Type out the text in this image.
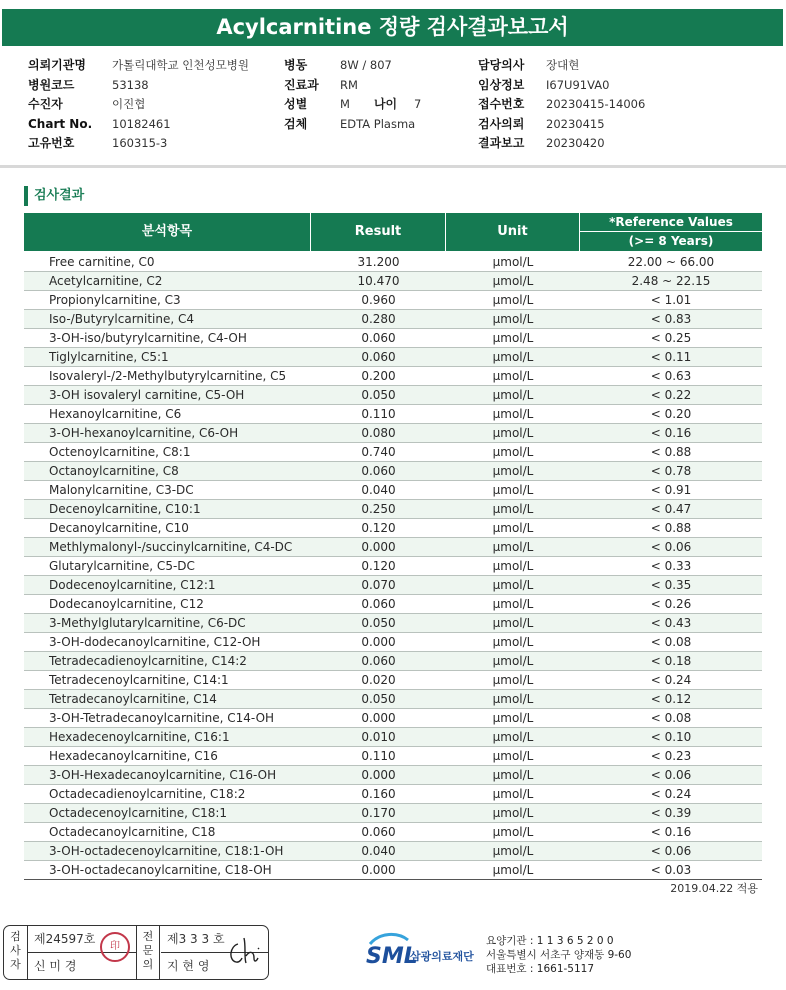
Acylcarnitine 정량 검사결과보고서
의뢰기관명 가톨릭대학교 인천성모병원
병원코드	53138
수진자	이진협
Chart No. 10182461
고유번호	160315-3
병동	8W / 807
진료과 RM
성별	M 나이 7
검체	EDTA Plasma
담당의사 장대현
임상정보 I67U91VA0
접수번호 20230415-14006
검사의뢰 20230415
결과보고 20230420
검사결과
분석항목	Result	Unit
*Reference Values
(>= 8 Years)
Free carnitine, C0	31.200	μmol/L	22.00 ~ 66.00
Acetylcarnitine, C2	10.470	μmol/L	2.48 ~ 22.15
Propionylcarnitine, C3	0.960	μmol/L	< 1.01
Iso-/Butyrylcarnitine, C4	0.280	μmol/L	< 0.83
3-OH-iso/butyrylcarnitine, C4-OH	0.060	μmol/L	< 0.25
Tiglylcarnitine, C5:1	0.060	μmol/L	< 0.11
Isovaleryl-/2-Methylbutyrylcarnitine, C5	0.200	μmol/L	< 0.63
3-OH isovaleryl carnitine, C5-OH	0.050	μmol/L	< 0.22
Hexanoylcarnitine, C6	0.110	μmol/L	< 0.20
3-OH-hexanoylcarnitine, C6-OH	0.080	μmol/L	< 0.16
Octenoylcarnitine, C8:1	0.740	μmol/L	< 0.88
Octanoylcarnitine, C8	0.060	μmol/L	< 0.78
Malonylcarnitine, C3-DC	0.040	μmol/L	< 0.91
Decenoylcarnitine, C10:1	0.250	μmol/L	< 0.47
Decanoylcarnitine, C10	0.120	μmol/L	< 0.88
Methlymalonyl-/succinylcarnitine, C4-DC	0.000	μmol/L	< 0.06
Glutarylcarnitine, C5-DC	0.120	μmol/L	< 0.33
Dodecenoylcarnitine, C12:1	0.070	μmol/L	< 0.35
Dodecanoylcarnitine, C12	0.060	μmol/L	< 0.26
3-Methylglutarylcarnitine, C6-DC	0.050	μmol/L	< 0.43
3-OH-dodecanoylcarnitine, C12-OH	0.000	μmol/L	< 0.08
Tetradecadienoylcarnitine, C14:2	0.060	μmol/L	< 0.18
Tetradecenoylcarnitine, C14:1	0.020	μmol/L	< 0.24
Tetradecanoylcarnitine, C14	0.050	μmol/L	< 0.12
3-OH-Tetradecanoylcarnitine, C14-OH	0.000	μmol/L	< 0.08
Hexadecenoylcarnitine, C16:1	0.010	μmol/L	< 0.10
Hexadecanoylcarnitine, C16	0.110	μmol/L	< 0.23
3-OH-Hexadecanoylcarnitine, C16-OH	0.000	μmol/L	< 0.06
Octadecadienoylcarnitine, C18:2	0.160	μmol/L	< 0.24
Octadecenoylcarnitine, C18:1	0.170	μmol/L	< 0.39
Octadecanoylcarnitine, C18	0.060	μmol/L	< 0.16
3-OH-octadecenoylcarnitine, C18:1-OH	0.040	μmol/L	< 0.06
3-OH-octadecanoylcarnitine, C18-OH	0.000	μmol/L	< 0.03
2019.04.22 적용
검
사
자
제24597호
신 미 경
印
전
문
의
제3 3 3 호
지 현 영	SML
삼광의료재단
요양기관 : 1 1 3 6 5 2 0 0
서울특별시 서초구 양재동 9-60
대표번호 : 1661-5117
